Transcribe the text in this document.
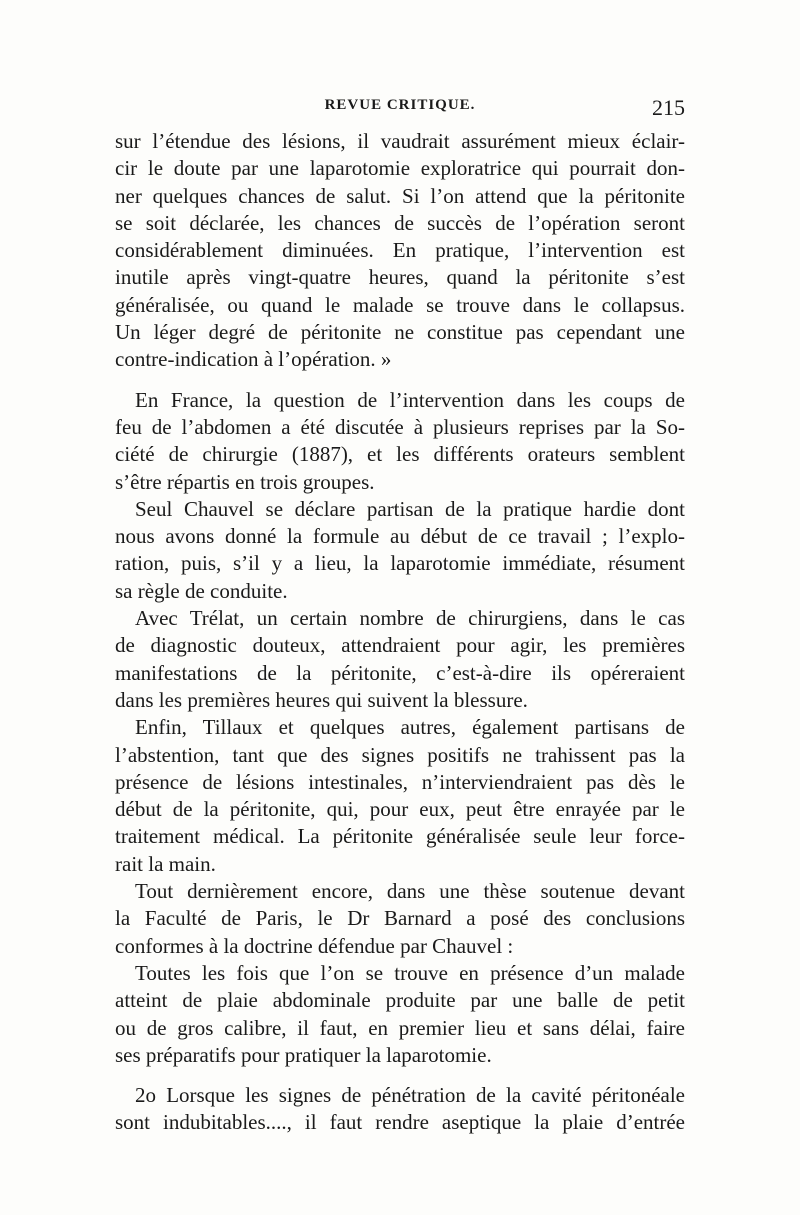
REVUE CRITIQUE.	215
sur l’étendue des lésions, il vaudrait assurément mieux éclair-
cir le doute par une laparotomie exploratrice qui pourrait don-
ner quelques chances de salut. Si l’on attend que la péritonite
se soit déclarée, les chances de succès de l’opération seront
considérablement diminuées. En pratique, l’intervention est
inutile après vingt-quatre heures, quand la péritonite s’est
généralisée, ou quand le malade se trouve dans le collapsus.
Un léger degré de péritonite ne constitue pas cependant une
contre-indication à l’opération. »
En France, la question de l’intervention dans les coups de
feu de l’abdomen a été discutée à plusieurs reprises par la So-
ciété de chirurgie (1887), et les différents orateurs semblent
s’être répartis en trois groupes.
Seul Chauvel se déclare partisan de la pratique hardie dont
nous avons donné la formule au début de ce travail ; l’explo-
ration, puis, s’il y a lieu, la laparotomie immédiate, résument
sa règle de conduite.
Avec Trélat, un certain nombre de chirurgiens, dans le cas
de diagnostic douteux, attendraient pour agir, les premières
manifestations de la péritonite, c’est-à-dire ils opéreraient
dans les premières heures qui suivent la blessure.
Enfin, Tillaux et quelques autres, également partisans de
l’abstention, tant que des signes positifs ne trahissent pas la
présence de lésions intestinales, n’interviendraient pas dès le
début de la péritonite, qui, pour eux, peut être enrayée par le
traitement médical. La péritonite généralisée seule leur force-
rait la main.
Tout dernièrement encore, dans une thèse soutenue devant
la Faculté de Paris, le Dr Barnard a posé des conclusions
conformes à la doctrine défendue par Chauvel :
Toutes les fois que l’on se trouve en présence d’un malade
atteint de plaie abdominale produite par une balle de petit
ou de gros calibre, il faut, en premier lieu et sans délai, faire
ses préparatifs pour pratiquer la laparotomie.
2o Lorsque les signes de pénétration de la cavité péritonéale
sont indubitables...., il faut rendre aseptique la plaie d’entrée
